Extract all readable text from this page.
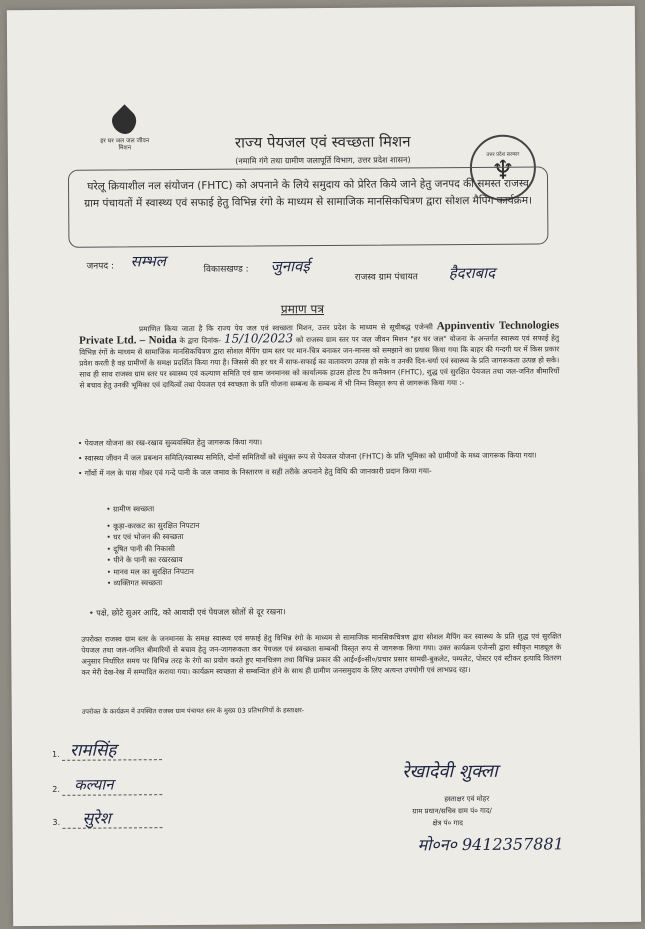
हर घर जल जल जीवन मिशन	राज्य पेयजल एवं स्वच्छता मिशन
(नमामि गंगे तथा ग्रामीण जलापूर्ति विभाग, उत्तर प्रदेश शासन)
उत्तर प्रदेश सरकार
♆
घरेलू क्रियाशील नल संयोजन (FHTC) को अपनाने के लिये समुदाय को प्रेरित किये जाने हेतु जनपद की समस्त राजस्व ग्राम पंचायतों में स्वास्थ्य एवं सफाई हेतु विभिन्न रंगो के माध्यम से सामाजिक मानसिकचित्रण द्वारा सोशल मैपिंग कार्यक्रम।
जनपद : सम्भल	विकासखण्ड : जुनावई
राजस्व ग्राम पंचायत हैदराबाद
प्रमाण पत्र
प्रमाणित किया जाता है कि राज्य पेय जल एवं स्वच्छता मिशन, उत्तर प्रदेश के माध्यम से सूचीबद्ध एजेन्सी Appinventiv Technologies Private Ltd. – Noida के द्वारा दिनांक- 15/10/2023 को राजस्व ग्राम स्तर पर जल जीवन मिशन "हर घर जल" योजना के अन्तर्गत स्वास्थ्य एवं सफाई हेतु विभिन्न रंगों के माध्यम से सामाजिक मानसिकचित्रण द्वारा सोशल मैपिंग ग्राम स्तर पर मान-चित्र बनाकर जन-मानस को समझाने का प्रयास किया गया कि बाहर की गन्दगी घर में किस प्रकार प्रवेश करती है वह ग्रामीणों के समक्ष प्रदर्शित किया गया है। जिससे की हर घर में साफ-सफाई का वातावरण उत्पन्न हो सके व उनकी दिन-चर्या एवं स्वास्थ्य के प्रति जागरूकता उत्पन्न हो सके। साथ ही साथ राजस्व ग्राम स्तर पर स्वास्थ्य एवं कल्याण समिति एवं ग्राम जनमानस को कार्यात्मक हाउस होल्ड टैप कनैक्शन (FHTC), शुद्ध एवं सुरक्षित पेयजल तथा जल-जनित बीमारियों से बचाव हेतु उनकी भूमिका एवं दायित्वों तथा पेयजल एवं स्वच्छता के प्रति योजना सम्बन्ध के सम्बन्ध में भी निम्न विस्तृत रूप से जागरूक किया गया :-
• पेयजल योजना का रख-रखाव सुव्यवस्थित हेतु जागरूक किया गया।
• स्वास्थ्य जीवन में जल प्रबन्धन समिति/स्वास्थ्य समिति, दोनों समितियों को संयुक्त रूप से पेयजल योजना (FHTC) के प्रति भूमिका को ग्रामीणों के मध्य जागरूक किया गया।
• गाँवों में नल के पास गोबर एवं गन्दे पानी के जल जमाव के निस्तारण व सही तरीके अपनाने हेतु विधि की जानकारी प्रदान किया गया-
• ग्रामीण स्वच्छता
• कूड़ा-करकट का सुरक्षित निपटान
• घर एवं भोजन की स्वच्छता
• दूषित पानी की निकासी
• पीने के पानी का रखरखाव
• मानव मल का सुरक्षित निपटान
• व्यक्तिगत स्वच्छता
• पक्षे, छोटे सुअर आदि, को आवादी एवं पेयजल स्रोतों से दूर रखना।
उपरोक्त राजस्व ग्राम स्तर के जनमानस के समक्ष स्वास्थ्य एवं सफाई हेतु विभिन्न रंगो के माध्यम से सामाजिक मानसिकचित्रण द्वारा सोशल मैपिंग कर स्वास्थ्य के प्रति शुद्ध एवं सुरक्षित पेयजल तथा जल-जनित बीमारियों से बचाव हेतु जन-जागरूकता कर पेयजल एवं स्वच्छता सम्बन्धी विस्तृत रूप से जागरूक किया गया। उक्त कार्यक्रम एजेन्सी द्वारा स्वीकृत माड्यूल के अनुसार निर्धारित समय पर विभिन्न तरह के रंगो का प्रयोग करते हुए मानचित्रण तथा विभिन्न प्रकार की आई०ई०सी०/प्रचार प्रसार सामग्री-बुकलेट, पम्पलेट, पोस्टर एवं स्टीकर इत्यादि वितरण कर मेरी देख-रेख में सम्पादित कराया गया। कार्यक्रम स्वच्छता से सम्बन्धित होने के साथ ही ग्रामीण जनसमुदाय के लिए अत्यन्त उपयोगी एवं लाभप्रद रहा।
उपरोक्त के कार्यक्रम में उपस्थित राजस्व ग्राम पंचायत स्तर के मुख्य 03 प्रतिभागियों के हस्ताक्षर-
1. रामसिंह
2. कल्यान
3. सुरेश
रेखादेवी शुक्ला
हस्ताक्षर एवं मोहर
ग्राम प्रधान/सचिव ग्राम पं० गाद/
क्षेत्र पं० गाद
मो०न० 9412357881
